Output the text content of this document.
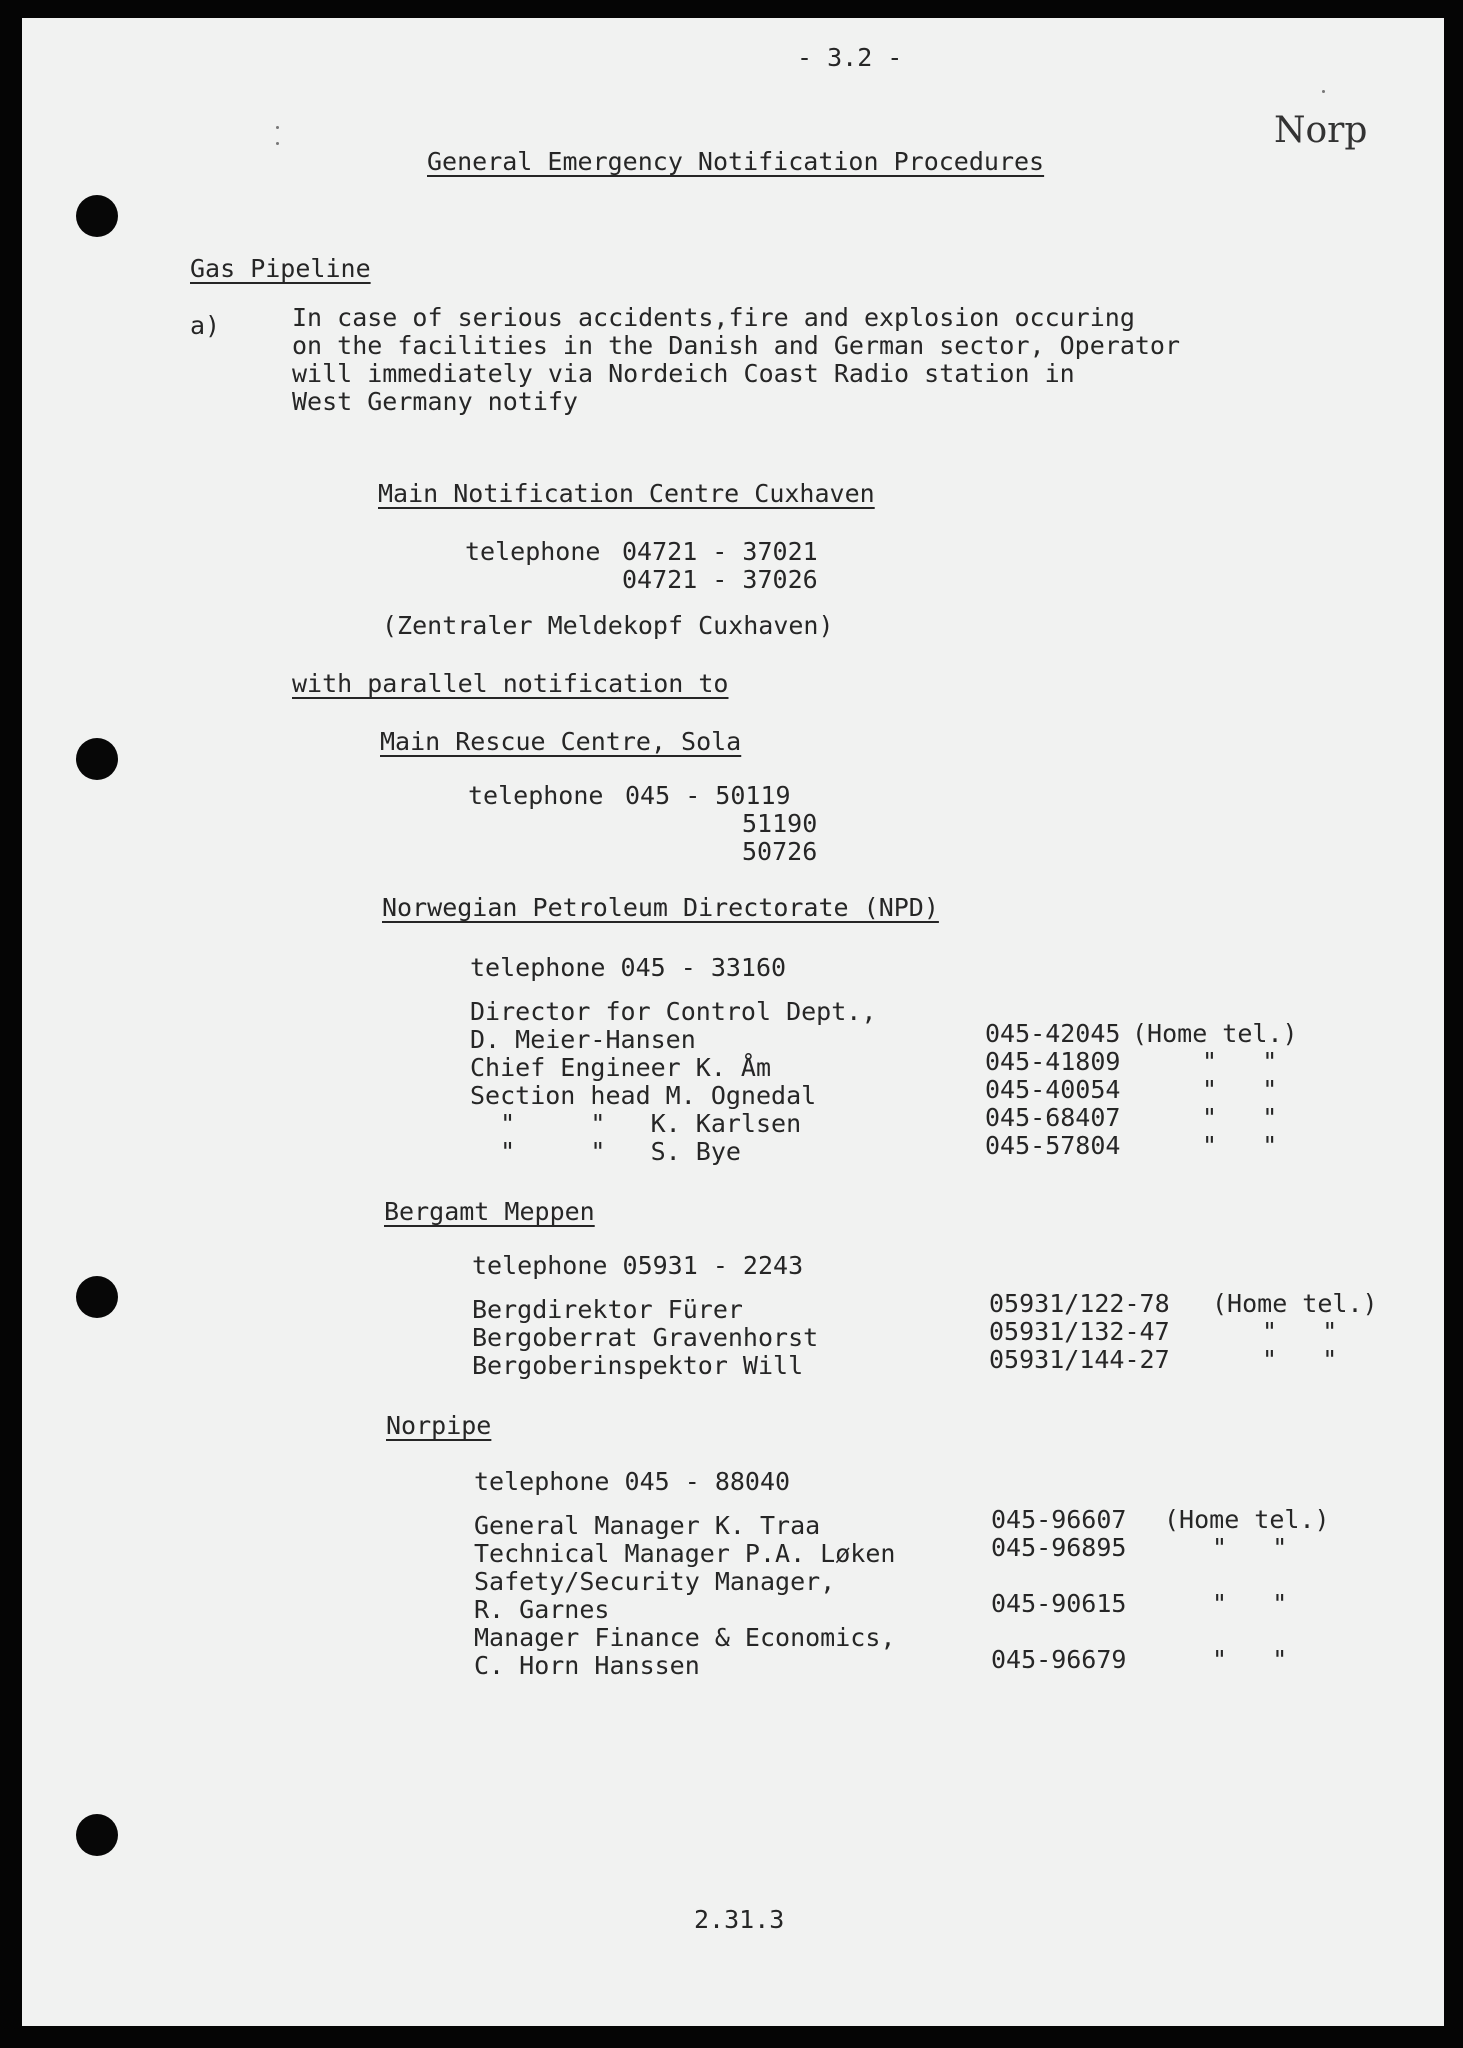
- 3.2 -
Norp
General Emergency Notification Procedures
Gas Pipeline
a)	In case of serious accidents,fire and explosion occuring
on the facilities in the Danish and German sector, Operator
will immediately via Nordeich Coast Radio station in
West Germany notify
Main Notification Centre Cuxhaven
telephone 04721 - 37021
04721 - 37026
(Zentraler Meldekopf Cuxhaven)
with parallel notification to
Main Rescue Centre, Sola
telephone 045 - 50119
51190
50726
Norwegian Petroleum Directorate (NPD)
telephone 045 - 33160
Director for Control Dept.,
D. Meier-Hansen	045-42045 (Home tel.)
Chief Engineer K. Åm	045-41809	"   "
Section head M. Ognedal	045-40054	"   "
"     "   K. Karlsen	045-68407	"   "
"     "   S. Bye	045-57804	"   "
Bergamt Meppen
telephone 05931 - 2243
Bergdirektor Fürer	05931/122-78 (Home tel.)
Bergoberrat Gravenhorst	05931/132-47	"   "
Bergoberinspektor Will	05931/144-27	"   "
Norpipe
telephone 045 - 88040
General Manager K. Traa	045-96607 (Home tel.)
Technical Manager P.A. Løken	045-96895	"   "
Safety/Security Manager,
R. Garnes	045-90615	"   "
Manager Finance & Economics,
C. Horn Hanssen	045-96679	"   "
2.31.3
